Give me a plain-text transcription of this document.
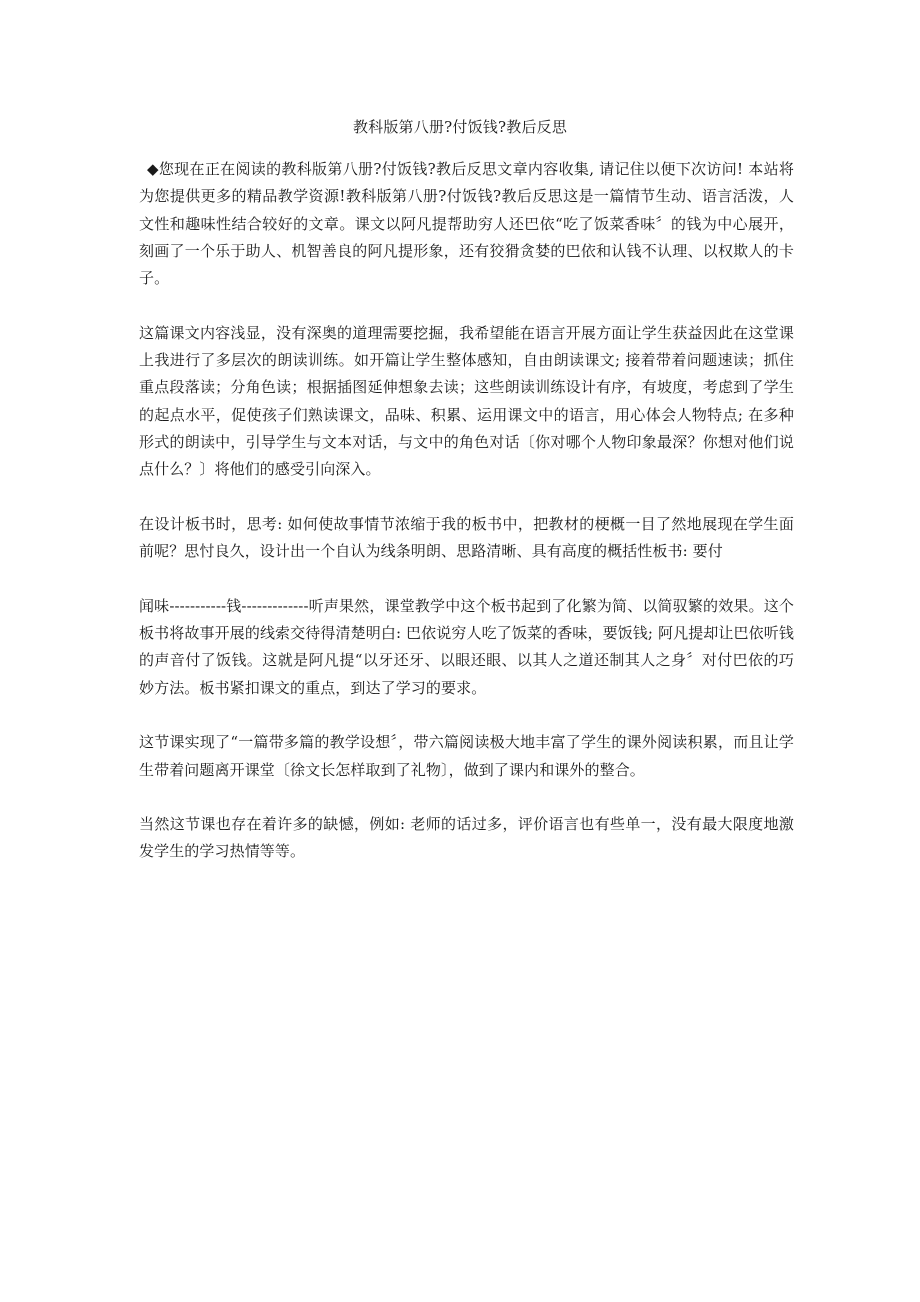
教科版第八册?付饭钱?教后反思

◆您现在正在阅读的教科版第八册?付饭钱?教后反思文章内容收集, 请记住以便下次访问! 本站将为您提供更多的精品教学资源!教科版第八册?付饭钱?教后反思这是一篇情节生动、语言活泼，人文性和趣味性结合较好的文章。课文以阿凡提帮助穷人还巴依“吃了饭菜香味〞的钱为中心展开，刻画了一个乐于助人、机智善良的阿凡提形象，还有狡猾贪婪的巴依和认钱不认理、以权欺人的卡子。

这篇课文内容浅显，没有深奥的道理需要挖掘，我希望能在语言开展方面让学生获益因此在这堂课上我进行了多层次的朗读训练。如开篇让学生整体感知，自由朗读课文; 接着带着问题速读；抓住重点段落读；分角色读；根据插图延伸想象去读；这些朗读训练设计有序，有坡度，考虑到了学生的起点水平，促使孩子们熟读课文，品味、积累、运用课文中的语言，用心体会人物特点; 在多种形式的朗读中，引导学生与文本对话，与文中的角色对话〔你对哪个人物印象最深？你想对他们说点什么？〕将他们的感受引向深入。

在设计板书时，思考: 如何使故事情节浓缩于我的板书中，把教材的梗概一目了然地展现在学生面前呢？思忖良久，设计出一个自认为线条明朗、思路清晰、具有高度的概括性板书: 要付

闻味-----------钱-------------听声果然，课堂教学中这个板书起到了化繁为简、以简驭繁的效果。这个板书将故事开展的线索交待得清楚明白: 巴依说穷人吃了饭菜的香味，要饭钱; 阿凡提却让巴依听钱的声音付了饭钱。这就是阿凡提“以牙还牙、以眼还眼、以其人之道还制其人之身〞对付巴依的巧妙方法。板书紧扣课文的重点，到达了学习的要求。

这节课实现了“一篇带多篇的教学设想〞，带六篇阅读极大地丰富了学生的课外阅读积累，而且让学生带着问题离开课堂〔徐文长怎样取到了礼物〕，做到了课内和课外的整合。

当然这节课也存在着许多的缺憾，例如: 老师的话过多，评价语言也有些单一，没有最大限度地激发学生的学习热情等等。
